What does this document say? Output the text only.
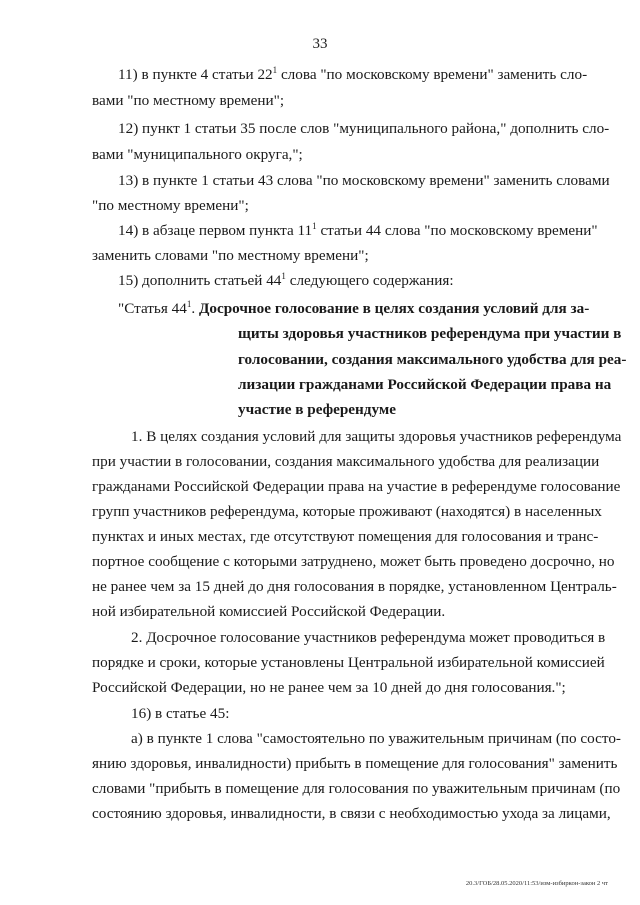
33
11) в пункте 4 статьи $22^1$ слова "по московскому времени" заменить сло-
вами "по местному времени";
12) пункт 1 статьи 35 после слов "муниципального района," дополнить сло-
вами "муниципального округа,";
13) в пункте 1 статьи 43 слова "по московскому времени" заменить словами
"по местному времени";
14) в абзаце первом пункта $11^1$ статьи 44 слова "по московскому времени"
заменить словами "по местному времени";
15) дополнить статьей $44^1$ следующего содержания:
"Статья $44^1$. Досрочное голосование в целях создания условий для за-
щиты здоровья участников референдума при участии в
голосовании, создания максимального удобства для реа-
лизации гражданами Российской Федерации права на
участие в референдуме
1. В целях создания условий для защиты здоровья участников референдума
при участии в голосовании, создания максимального удобства для реализации
гражданами Российской Федерации права на участие в референдуме голосование
групп участников референдума, которые проживают (находятся) в населенных
пунктах и иных местах, где отсутствуют помещения для голосования и транс-
портное сообщение с которыми затруднено, может быть проведено досрочно, но
не ранее чем за 15 дней до дня голосования в порядке, установленном Централь-
ной избирательной комиссией Российской Федерации.
2. Досрочное голосование участников референдума может проводиться в
порядке и сроки, которые установлены Центральной избирательной комиссией
Российской Федерации, но не ранее чем за 10 дней до дня голосования.";
16) в статье 45:
а) в пункте 1 слова "самостоятельно по уважительным причинам (по состо-
янию здоровья, инвалидности) прибыть в помещение для голосования" заменить
словами "прибыть в помещение для голосования по уважительным причинам (по
состоянию здоровья, инвалидности, в связи с необходимостью ухода за лицами,
20.3/ГОБ/28.05.2020/11:53/изм-избиркон-закон 2 чт
